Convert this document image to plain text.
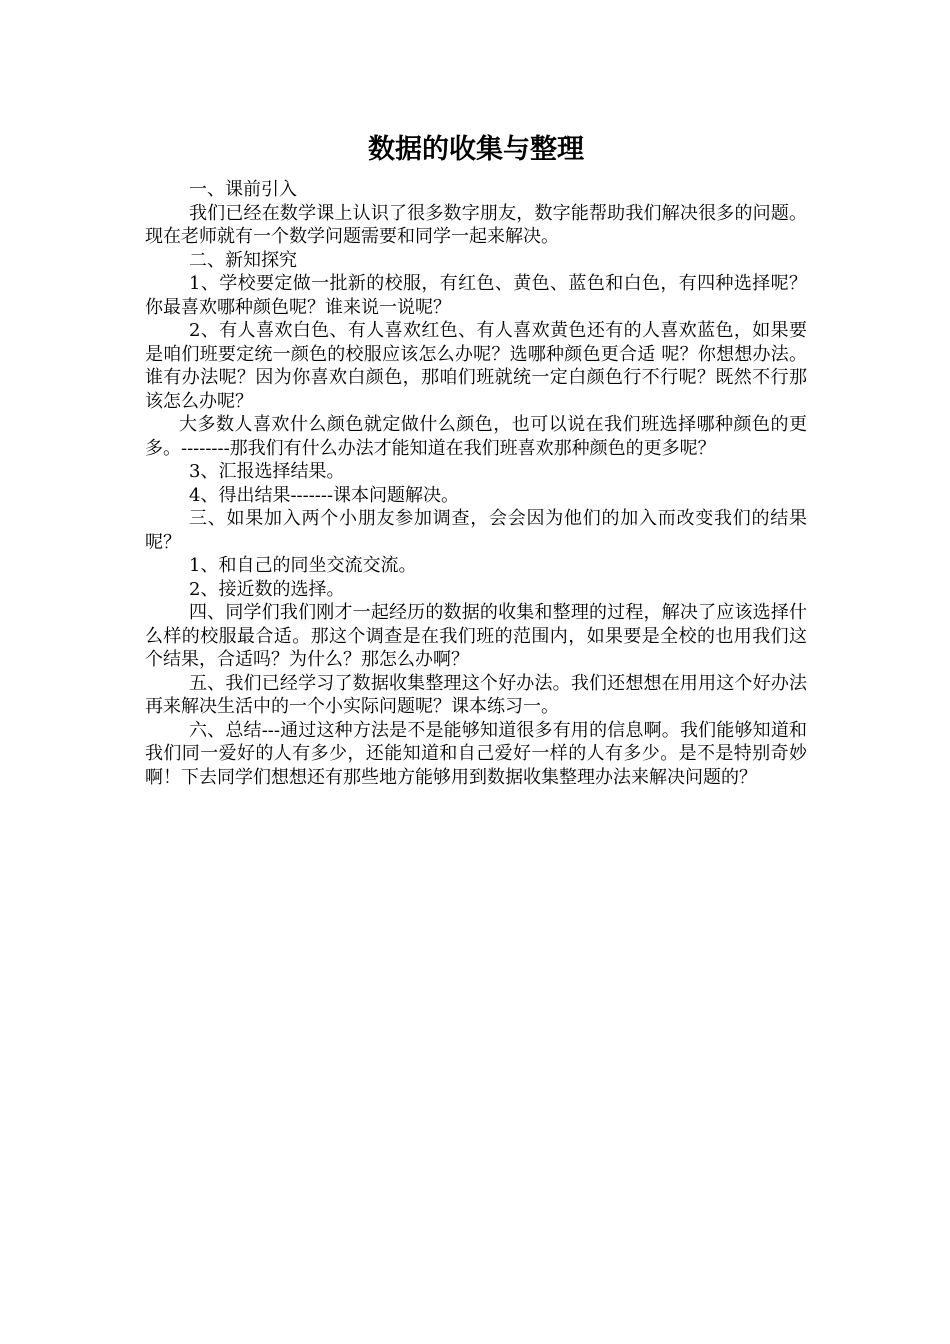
数据的收集与整理

一、课前引入

我们已经在数学课上认识了很多数字朋友，数字能帮助我们解决很多的问题。现在老师就有一个数学问题需要和同学一起来解决。

二、新知探究

1、学校要定做一批新的校服，有红色、黄色、蓝色和白色，有四种选择呢？你最喜欢哪种颜色呢？谁来说一说呢？

2、有人喜欢白色、有人喜欢红色、有人喜欢黄色还有的人喜欢蓝色，如果要是咱们班要定统一颜色的校服应该怎么办呢？选哪种颜色更合适 呢？你想想办法。谁有办法呢？因为你喜欢白颜色，那咱们班就统一定白颜色行不行呢？既然不行那该怎么办呢？

大多数人喜欢什么颜色就定做什么颜色，也可以说在我们班选择哪种颜色的更多。--------那我们有什么办法才能知道在我们班喜欢那种颜色的更多呢？

3、汇报选择结果。

4、得出结果-------课本问题解决。

三、如果加入两个小朋友参加调查，会会因为他们的加入而改变我们的结果呢？

1、和自己的同坐交流交流。

2、接近数的选择。

四、同学们我们刚才一起经历的数据的收集和整理的过程，解决了应该选择什么样的校服最合适。那这个调查是在我们班的范围内，如果要是全校的也用我们这个结果，合适吗？为什么？那怎么办啊？

五、我们已经学习了数据收集整理这个好办法。我们还想想在用用这个好办法再来解决生活中的一个小实际问题呢？课本练习一。

六、总结---通过这种方法是不是能够知道很多有用的信息啊。我们能够知道和我们同一爱好的人有多少，还能知道和自己爱好一样的人有多少。是不是特别奇妙啊！下去同学们想想还有那些地方能够用到数据收集整理办法来解决问题的？
